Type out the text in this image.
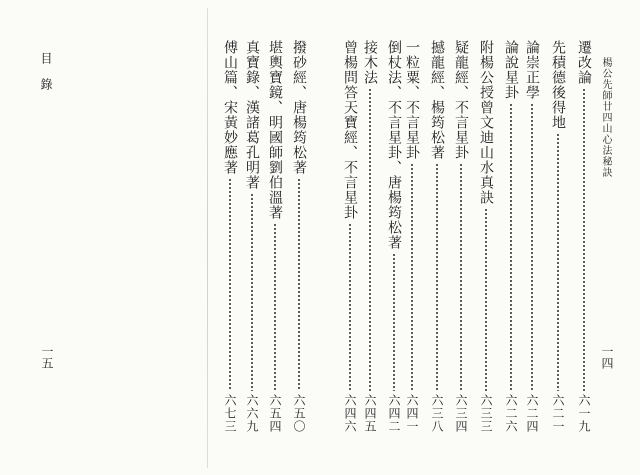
目錄
一五
楊公先師廿四山心法秘訣
一四
遷改論
六一九
先積德後得地
六二一
論崇正學
六二四
論說星卦
六二六
附楊公授曾文迪山水真訣
六三三
疑龍經、不言星卦
六三四
撼龍經、楊筠松著
六三八
一粒粟、不言星卦
六四一
倒杖法、不言星卦、唐楊筠松著
六四二
接木法
六四五
曾楊問答天寶經、不言星卦
六四六
撥砂經、唐楊筠松著
六五〇
堪輿寶鏡、明國師劉伯溫著
六五四
真寶錄、漢諸葛孔明著
六六九
傅山篇、宋黃妙應著
六七三
